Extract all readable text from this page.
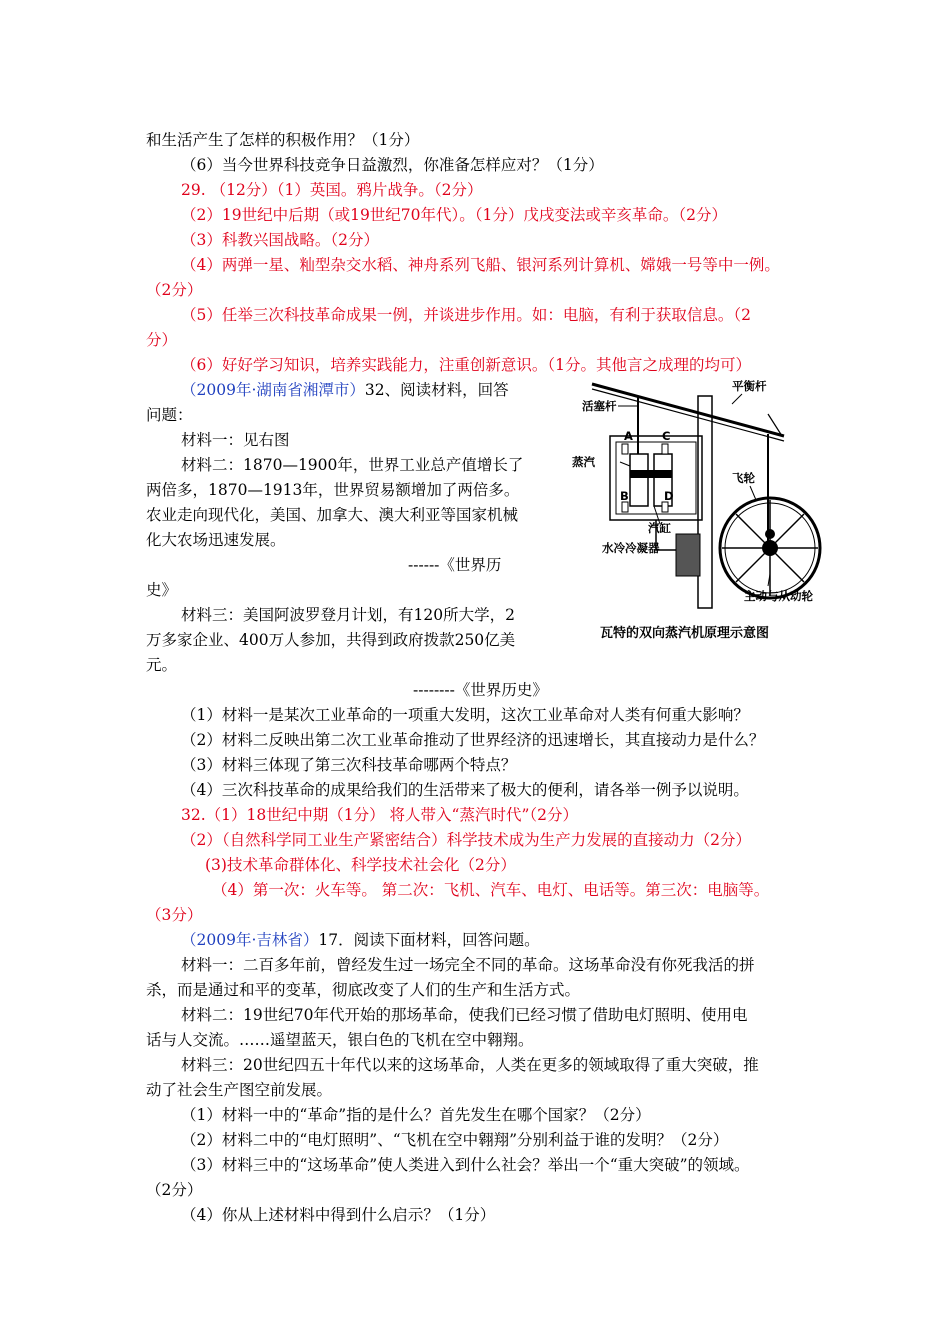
和生活产生了怎样的积极作用？（1分）
（6）当今世界科技竞争日益激烈，你准备怎样应对？（1分）
29. （12分）（1）英国。鸦片战争。（2分）
（2）19世纪中后期（或19世纪70年代）。（1分）戊戌变法或辛亥革命。（2分）
（3）科教兴国战略。（2分）
（4）两弹一星、籼型杂交水稻、神舟系列飞船、银河系列计算机、嫦娥一号等中一例。
（2分）
（5）任举三次科技革命成果一例，并谈进步作用。如：电脑，有利于获取信息。（2
分）
（6）好好学习知识，培养实践能力，注重创新意识。（1分。其他言之成理的均可）
（2009年·湖南省湘潭市）32、阅读材料，回答
问题：
材料一：见右图
材料二：1870—1900年，世界工业总产值增长了
两倍多，1870—1913年，世界贸易额增加了两倍多。
农业走向现代化，美国、加拿大、澳大利亚等国家机械
化大农场迅速发展。
------《世界历
史》
材料三：美国阿波罗登月计划，有120所大学，2
万多家企业、400万人参加，共得到政府拨款250亿美
元。
--------《世界历史》
（1）材料一是某次工业革命的一项重大发明，这次工业革命对人类有何重大影响？
（2）材料二反映出第二次工业革命推动了世界经济的迅速增长，其直接动力是什么？
（3）材料三体现了第三次科技革命哪两个特点？
（4）三次科技革命的成果给我们的生活带来了极大的便利，请各举一例予以说明。
32.（1）18世纪中期（1分） 将人带入“蒸汽时代”（2分）
（2）（自然科学同工业生产紧密结合）科学技术成为生产力发展的直接动力（2分）
(3)技术革命群体化、科学技术社会化（2分）
（4）第一次：火车等。 第二次：飞机、汽车、电灯、电话等。第三次：电脑等。
（3分）
（2009年·吉林省）17．阅读下面材料，回答问题。
材料一：二百多年前，曾经发生过一场完全不同的革命。这场革命没有你死我活的拼
杀，而是通过和平的变革，彻底改变了人们的生产和生活方式。
材料二：19世纪70年代开始的那场革命，使我们已经习惯了借助电灯照明、使用电
话与人交流。……遥望蓝天，银白色的飞机在空中翱翔。
材料三：20世纪四五十年代以来的这场革命，人类在更多的领域取得了重大突破，推
动了社会生产图空前发展。
（1）材料一中的“革命”指的是什么？首先发生在哪个国家？（2分）
（2）材料二中的“电灯照明”、“飞机在空中翱翔”分别利益于谁的发明？（2分）
（3）材料三中的“这场革命”使人类进入到什么社会？举出一个“重大突破”的领域。
（2分）
（4）你从上述材料中得到什么启示？（1分）
平衡杆
活塞杆
A	C
蒸汽
B	D
飞轮
汽缸
水冷冷凝器
主动与从动轮
瓦特的双向蒸汽机原理示意图
